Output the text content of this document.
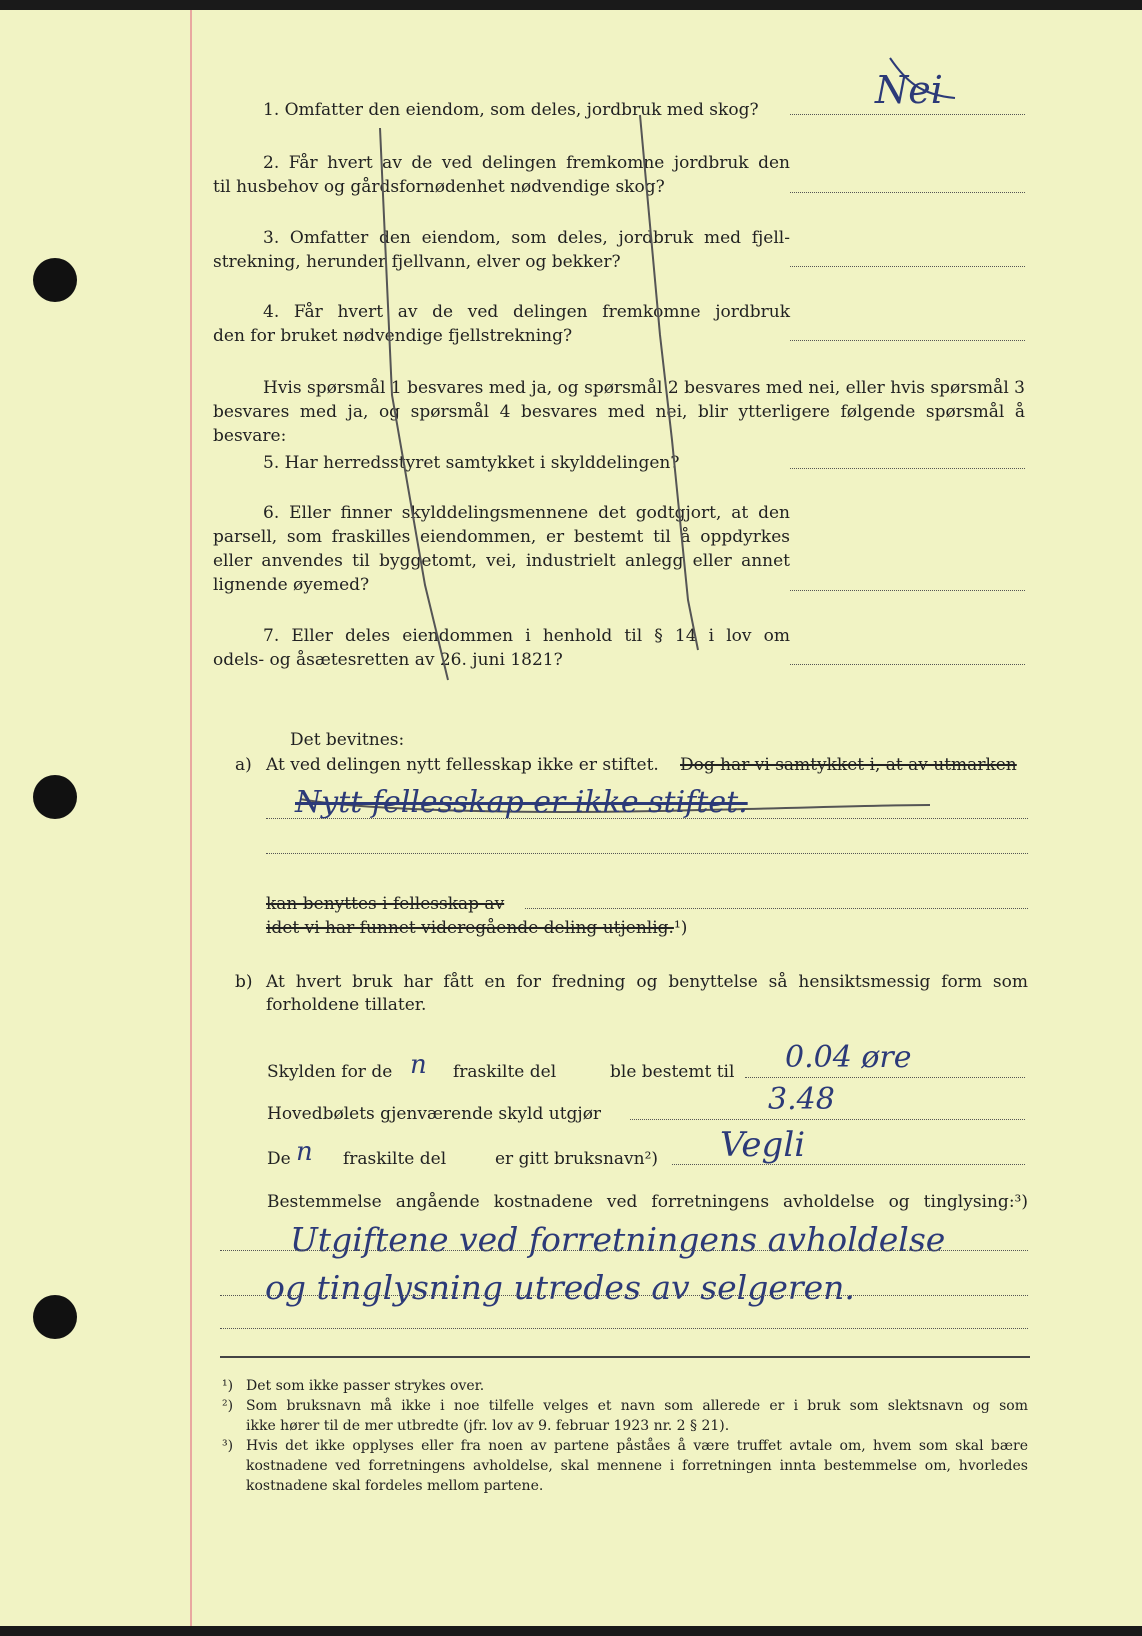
1. Omfatter den eiendom, som deles, jordbruk med skog?	Nei
2. Får hvert av de ved delingen fremkomne jordbruk den
til husbehov og gårdsfornødenhet nødvendige skog?
3. Omfatter den eiendom, som deles, jordbruk med fjell-
strekning, herunder fjellvann, elver og bekker?
4. Får hvert av de ved delingen fremkomne jordbruk
den for bruket nødvendige fjellstrekning?
Hvis spørsmål 1 besvares med ja, og spørsmål 2 besvares med nei, eller hvis spørsmål 3
besvares med ja, og spørsmål 4 besvares med nei, blir ytterligere følgende spørsmål å besvare:
5. Har herredsstyret samtykket i skylddelingen?
6. Eller finner skylddelingsmennene det godtgjort, at den
parsell, som fraskilles eiendommen, er bestemt til å oppdyrkes
eller anvendes til byggetomt, vei, industrielt anlegg eller annet
lignende øyemed?
7. Eller deles eiendommen i henhold til § 14 i lov om
odels- og åsætesretten av 26. juni 1821?
Det bevitnes:
a) At ved delingen nytt fellesskap ikke er stiftet. Dog har vi samtykket i, at av utmarken
Nytt fellesskap er ikke stiftet.
kan benyttes i fellesskap av
idet vi har funnet videregående deling utjenlig.¹)
b) At hvert bruk har fått en for fredning og benyttelse så hensiktsmessig form som
forholdene tillater.
Skylden for de n fraskilte del	ble bestemt til 0.04 øre
Hovedbølets gjenværende skyld utgjør	3.48
De n fraskilte del	er gitt bruksnavn²) Vegli
Bestemmelse angående kostnadene ved forretningens avholdelse og tinglysing:³)
Utgiftene ved forretningens avholdelse
og tinglysning utredes av selgeren.
¹) Det som ikke passer strykes over.
²) Som bruksnavn må ikke i noe tilfelle velges et navn som allerede er i bruk som slektsnavn og som
ikke hører til de mer utbredte (jfr. lov av 9. februar 1923 nr. 2 § 21).
³) Hvis det ikke opplyses eller fra noen av partene påståes å være truffet avtale om, hvem som skal bære
kostnadene ved forretningens avholdelse, skal mennene i forretningen innta bestemmelse om, hvorledes
kostnadene skal fordeles mellom partene.
